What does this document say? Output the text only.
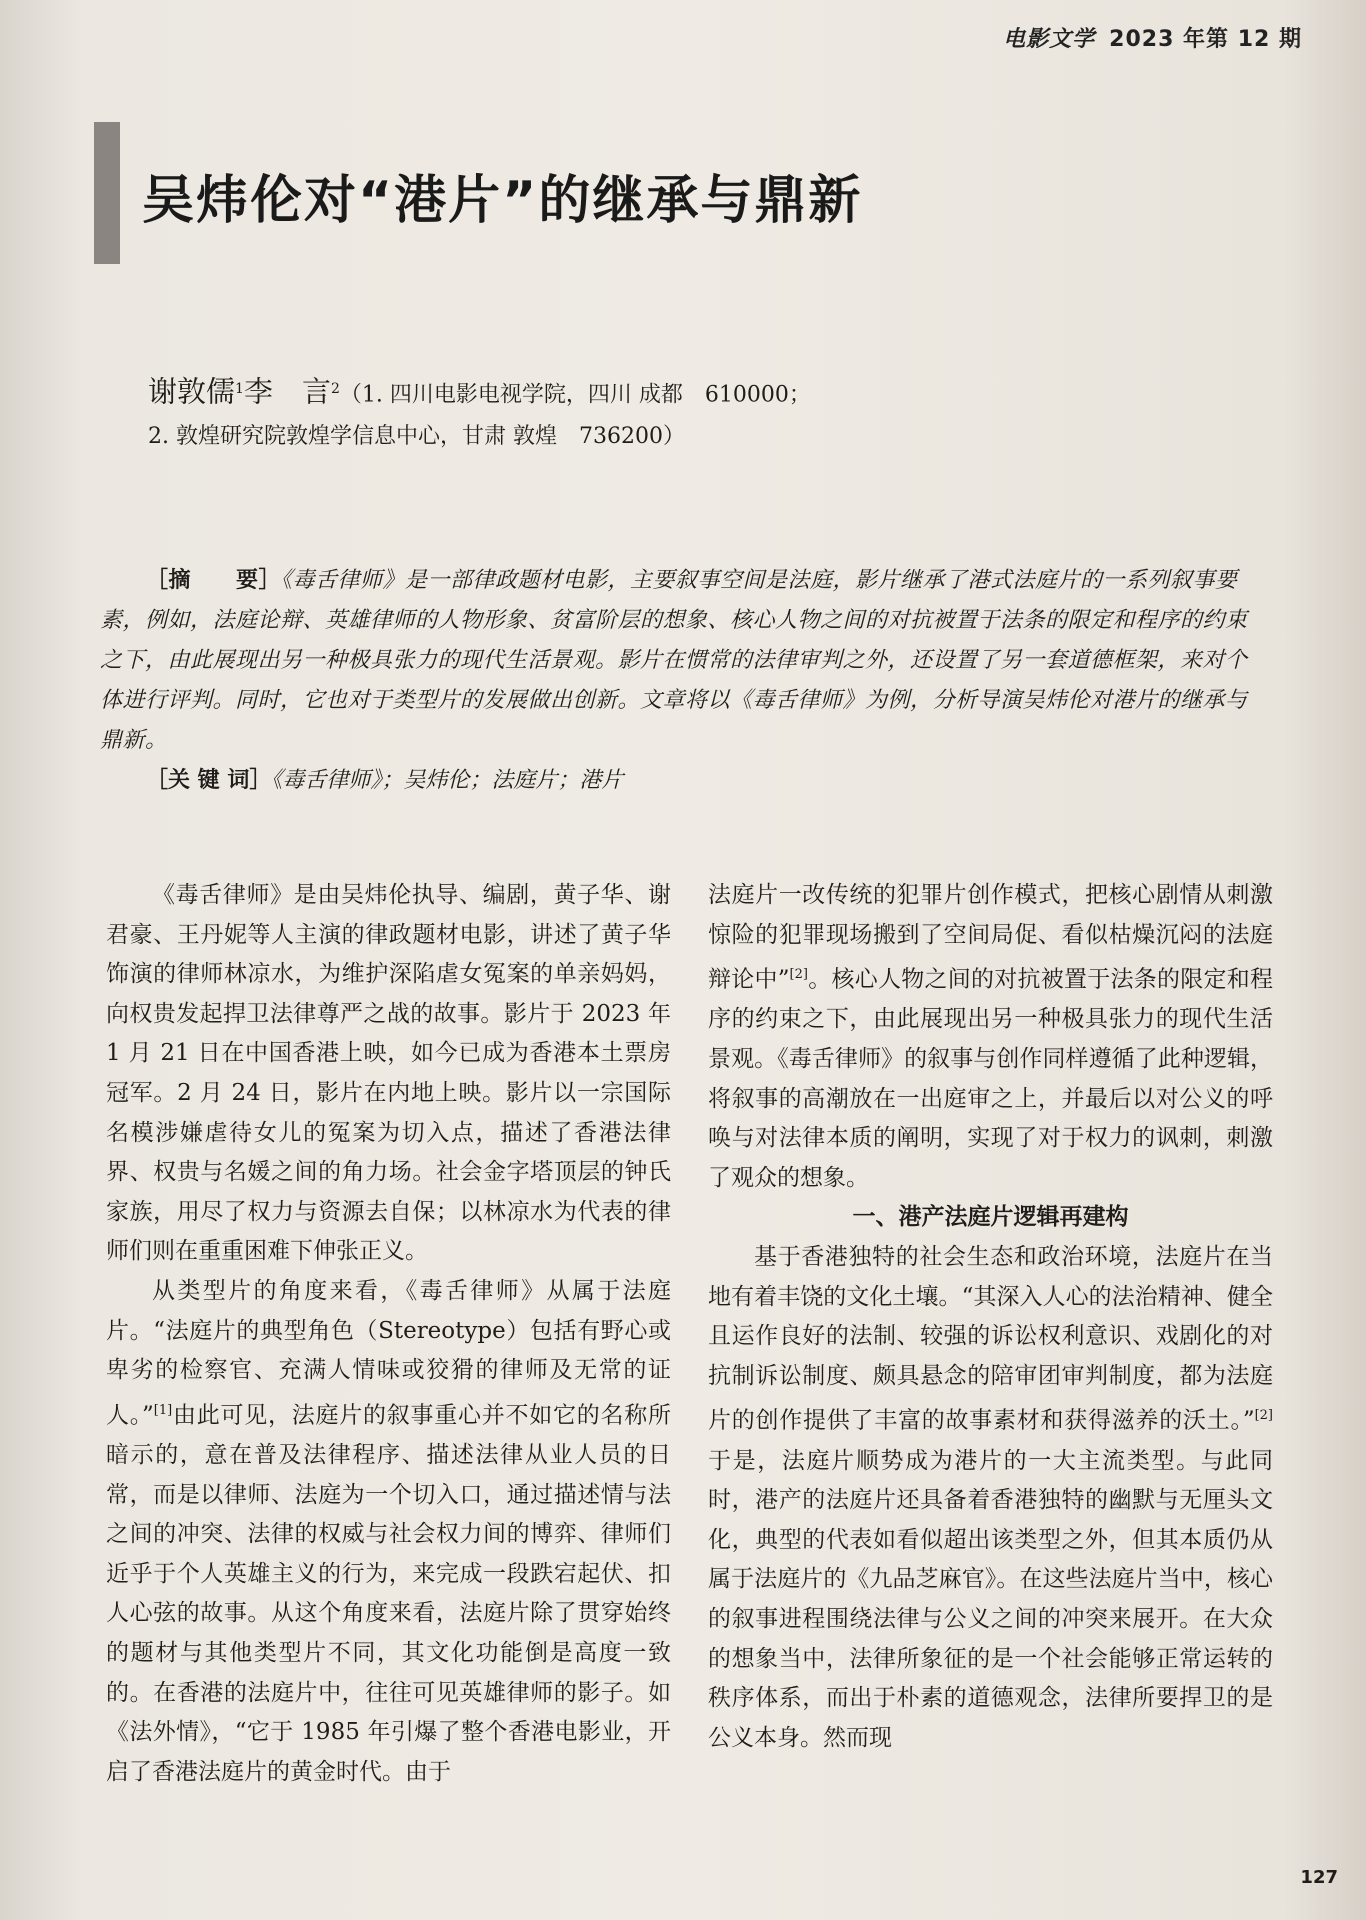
电影文学 2023 年第 12 期
吴炜伦对“港片”的继承与鼎新
谢敦儒$^1$李　言$^2$（1. 四川电影电视学院，四川 成都　610000；
2. 敦煌研究院敦煌学信息中心，甘肃 敦煌　736200）
［摘　　要］《毒舌律师》是一部律政题材电影，主要叙事空间是法庭，影片继承了港式法庭片的一系列叙事要素，例如，法庭论辩、英雄律师的人物形象、贫富阶层的想象、核心人物之间的对抗被置于法条的限定和程序的约束之下，由此展现出另一种极具张力的现代生活景观。影片在惯常的法律审判之外，还设置了另一套道德框架，来对个体进行评判。同时，它也对于类型片的发展做出创新。文章将以《毒舌律师》为例，分析导演吴炜伦对港片的继承与鼎新。
［关 键 词］《毒舌律师》；吴炜伦；法庭片；港片

《毒舌律师》是由吴炜伦执导、编剧，黄子华、谢君豪、王丹妮等人主演的律政题材电影，讲述了黄子华饰演的律师林凉水，为维护深陷虐女冤案的单亲妈妈，向权贵发起捍卫法律尊严之战的故事。影片于 2023 年 1 月 21 日在中国香港上映，如今已成为香港本土票房冠军。2 月 24 日，影片在内地上映。影片以一宗国际名模涉嫌虐待女儿的冤案为切入点，描述了香港法律界、权贵与名媛之间的角力场。社会金字塔顶层的钟氏家族，用尽了权力与资源去自保；以林凉水为代表的律师们则在重重困难下伸张正义。

从类型片的角度来看，《毒舌律师》从属于法庭片。“法庭片的典型角色（Stereotype）包括有野心或卑劣的检察官、充满人情味或狡猾的律师及无常的证人。”[1]由此可见，法庭片的叙事重心并不如它的名称所暗示的，意在普及法律程序、描述法律从业人员的日常，而是以律师、法庭为一个切入口，通过描述情与法之间的冲突、法律的权威与社会权力间的博弈、律师们近乎于个人英雄主义的行为，来完成一段跌宕起伏、扣人心弦的故事。从这个角度来看，法庭片除了贯穿始终的题材与其他类型片不同，其文化功能倒是高度一致的。在香港的法庭片中，往往可见英雄律师的影子。如《法外情》，“它于 1985 年引爆了整个香港电影业，开启了香港法庭片的黄金时代。由于

法庭片一改传统的犯罪片创作模式，把核心剧情从刺激惊险的犯罪现场搬到了空间局促、看似枯燥沉闷的法庭辩论中”[2]。核心人物之间的对抗被置于法条的限定和程序的约束之下，由此展现出另一种极具张力的现代生活景观。《毒舌律师》的叙事与创作同样遵循了此种逻辑，将叙事的高潮放在一出庭审之上，并最后以对公义的呼唤与对法律本质的阐明，实现了对于权力的讽刺，刺激了观众的想象。

一、港产法庭片逻辑再建构

基于香港独特的社会生态和政治环境，法庭片在当地有着丰饶的文化土壤。“其深入人心的法治精神、健全且运作良好的法制、较强的诉讼权利意识、戏剧化的对抗制诉讼制度、颇具悬念的陪审团审判制度，都为法庭片的创作提供了丰富的故事素材和获得滋养的沃土。”[2]于是，法庭片顺势成为港片的一大主流类型。与此同时，港产的法庭片还具备着香港独特的幽默与无厘头文化，典型的代表如看似超出该类型之外，但其本质仍从属于法庭片的《九品芝麻官》。在这些法庭片当中，核心的叙事进程围绕法律与公义之间的冲突来展开。在大众的想象当中，法律所象征的是一个社会能够正常运转的秩序体系，而出于朴素的道德观念，法律所要捍卫的是公义本身。然而现

127
